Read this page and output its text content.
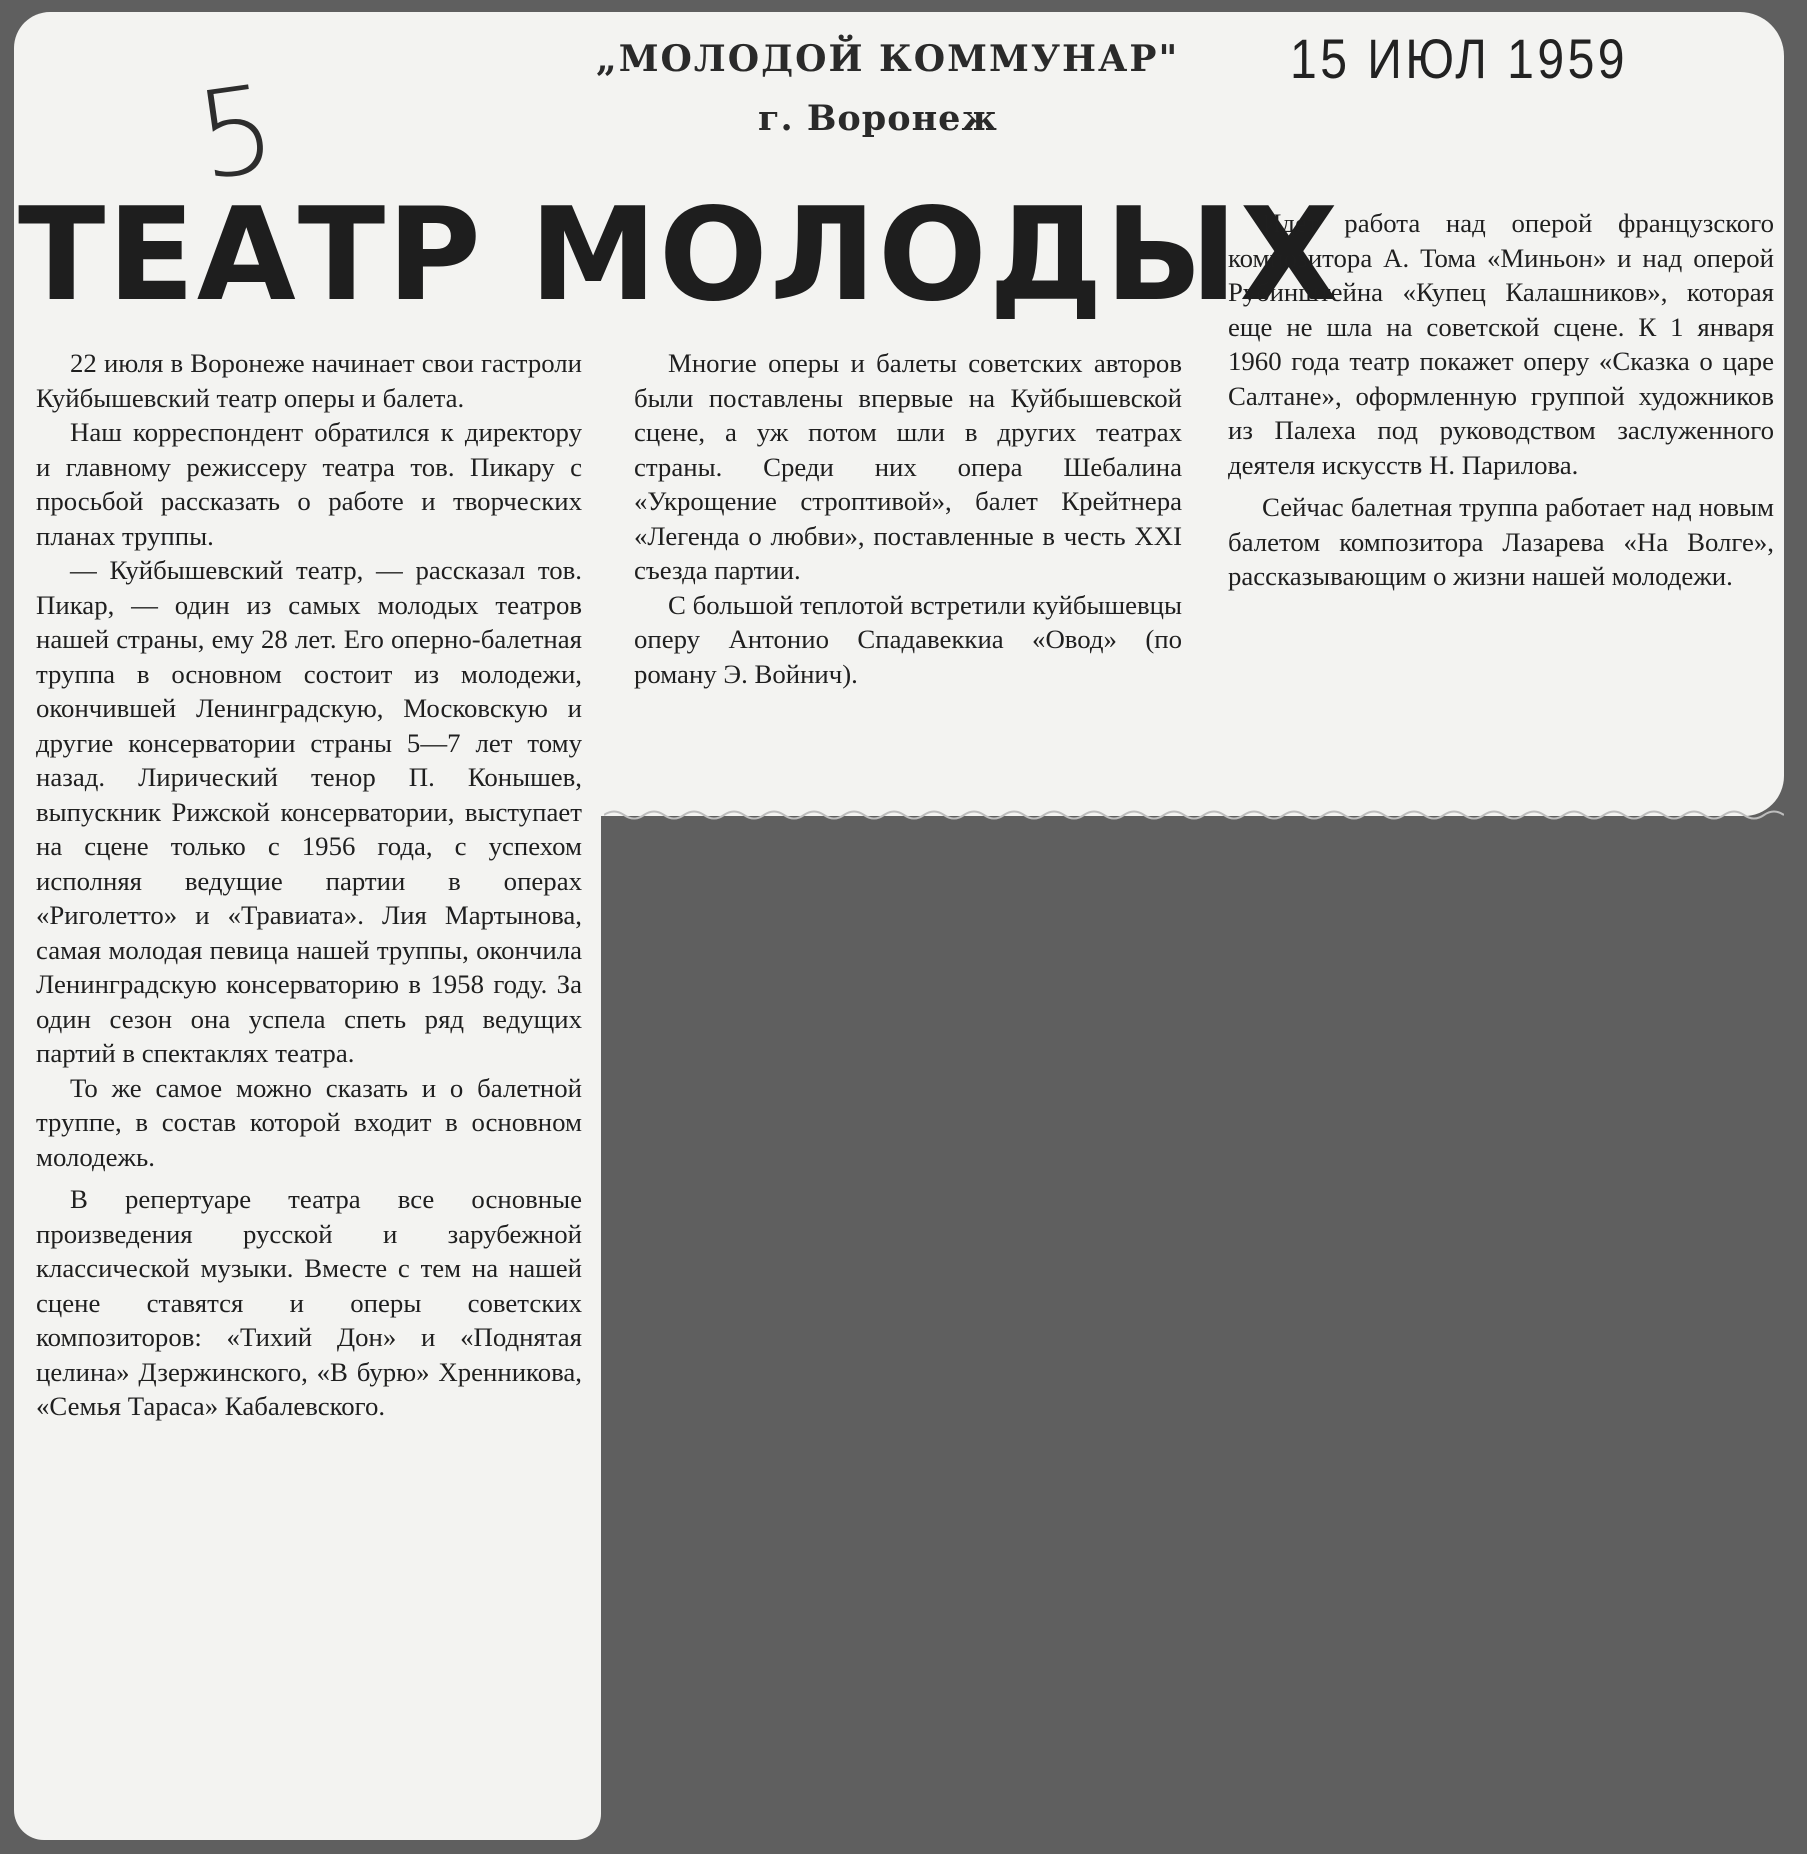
„МОЛОДОЙ КОММУНАР"
г. Воронеж
15 ИЮЛ 1959
5
ТЕАТР МОЛОДЫХ

22 июля в Воронеже начинает свои гастроли Куйбышевский театр оперы и балета.

Наш корреспондент обратился к директору и главному режиссеру театра тов. Пикару с просьбой рассказать о работе и творческих планах труппы.

— Куйбышевский театр, — рассказал тов. Пикар, — один из самых молодых театров нашей страны, ему 28 лет. Его оперно-балетная труппа в основном состоит из молодежи, окончившей Ленинградскую, Московскую и другие консерватории страны 5—7 лет тому назад. Лирический тенор П. Конышев, выпускник Рижской консерватории, выступает на сцене только с 1956 года, с успехом исполняя ведущие партии в операх «Риголетто» и «Травиата». Лия Мартынова, самая молодая певица нашей труппы, окончила Ленинградскую консерваторию в 1958 году. За один сезон она успела спеть ряд ведущих партий в спектаклях театра.

То же самое можно сказать и о балетной труппе, в состав которой входит в основном молодежь.

В репертуаре театра все основные произведения русской и зарубежной классической музыки. Вместе с тем на нашей сцене ставятся и оперы советских композиторов: «Тихий Дон» и «Поднятая целина» Дзержинского, «В бурю» Хренникова, «Семья Тараса» Кабалевского.

Многие оперы и балеты советских авторов были поставлены впервые на Куйбышевской сцене, а уж потом шли в других театрах страны. Среди них опера Шебалина «Укрощение строптивой», балет Крейтнера «Легенда о любви», поставленные в честь XXI съезда партии.

С большой теплотой встретили куйбышевцы оперу Антонио Спадавеккиа «Овод» (по роману Э. Войнич).

Идет работа над оперой французского композитора А. Тома «Миньон» и над оперой Рубинштейна «Купец Калашников», которая еще не шла на советской сцене. К 1 января 1960 года театр покажет оперу «Сказка о царе Салтане», оформленную группой художников из Палеха под руководством заслуженного деятеля искусств Н. Парилова.

Сейчас балетная труппа работает над новым балетом композитора Лазарева «На Волге», рассказывающим о жизни нашей молодежи.
